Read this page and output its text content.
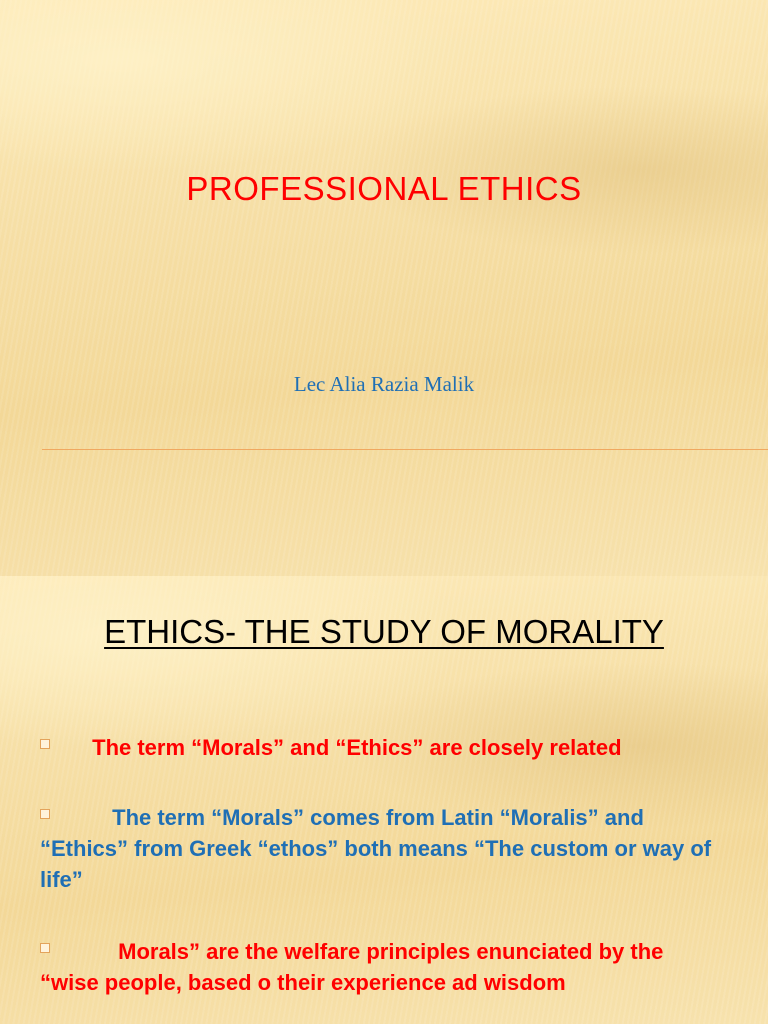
PROFESSIONAL ETHICS
Lec Alia Razia Malik
ETHICS- THE STUDY OF MORALITY
The term “Morals” and “Ethics” are closely related
The term “Morals” comes from Latin “Moralis” and “Ethics” from Greek “ethos” both means “The custom or way of life”
Morals” are the welfare principles enunciated by the “wise people, based o their experience ad wisdom
